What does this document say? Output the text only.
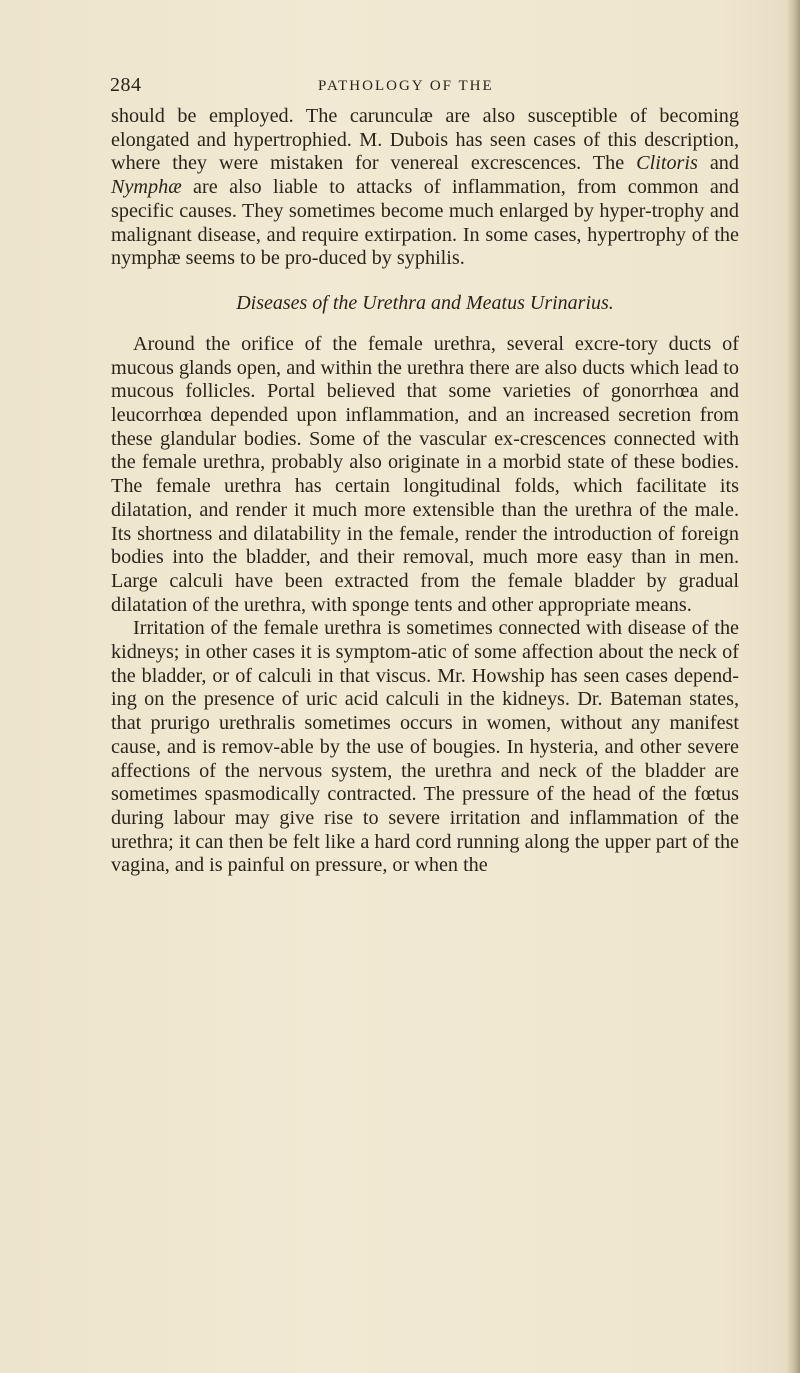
284	PATHOLOGY OF THE

should be employed. The carunculæ are also susceptible of becoming elongated and hypertrophied. M. Dubois has seen cases of this description, where they were mistaken for venereal excrescences. The Clitoris and Nymphæ are also liable to attacks of inflammation, from common and specific causes. They sometimes become much enlarged by hyper-trophy and malignant disease, and require extirpation. In some cases, hypertrophy of the nymphæ seems to be pro-duced by syphilis.

Diseases of the Urethra and Meatus Urinarius.

Around the orifice of the female urethra, several excre-tory ducts of mucous glands open, and within the urethra there are also ducts which lead to mucous follicles. Portal believed that some varieties of gonorrhœa and leucorrhœa depended upon inflammation, and an increased secretion from these glandular bodies. Some of the vascular ex-crescences connected with the female urethra, probably also originate in a morbid state of these bodies. The female urethra has certain longitudinal folds, which facilitate its dilatation, and render it much more extensible than the urethra of the male. Its shortness and dilatability in the female, render the introduction of foreign bodies into the bladder, and their removal, much more easy than in men. Large calculi have been extracted from the female bladder by gradual dilatation of the urethra, with sponge tents and other appropriate means.

Irritation of the female urethra is sometimes connected with disease of the kidneys; in other cases it is symptom-atic of some affection about the neck of the bladder, or of calculi in that viscus. Mr. Howship has seen cases depend-ing on the presence of uric acid calculi in the kidneys. Dr. Bateman states, that prurigo urethralis sometimes occurs in women, without any manifest cause, and is remov-able by the use of bougies. In hysteria, and other severe affections of the nervous system, the urethra and neck of the bladder are sometimes spasmodically contracted. The pressure of the head of the fœtus during labour may give rise to severe irritation and inflammation of the urethra; it can then be felt like a hard cord running along the upper part of the vagina, and is painful on pressure, or when the
